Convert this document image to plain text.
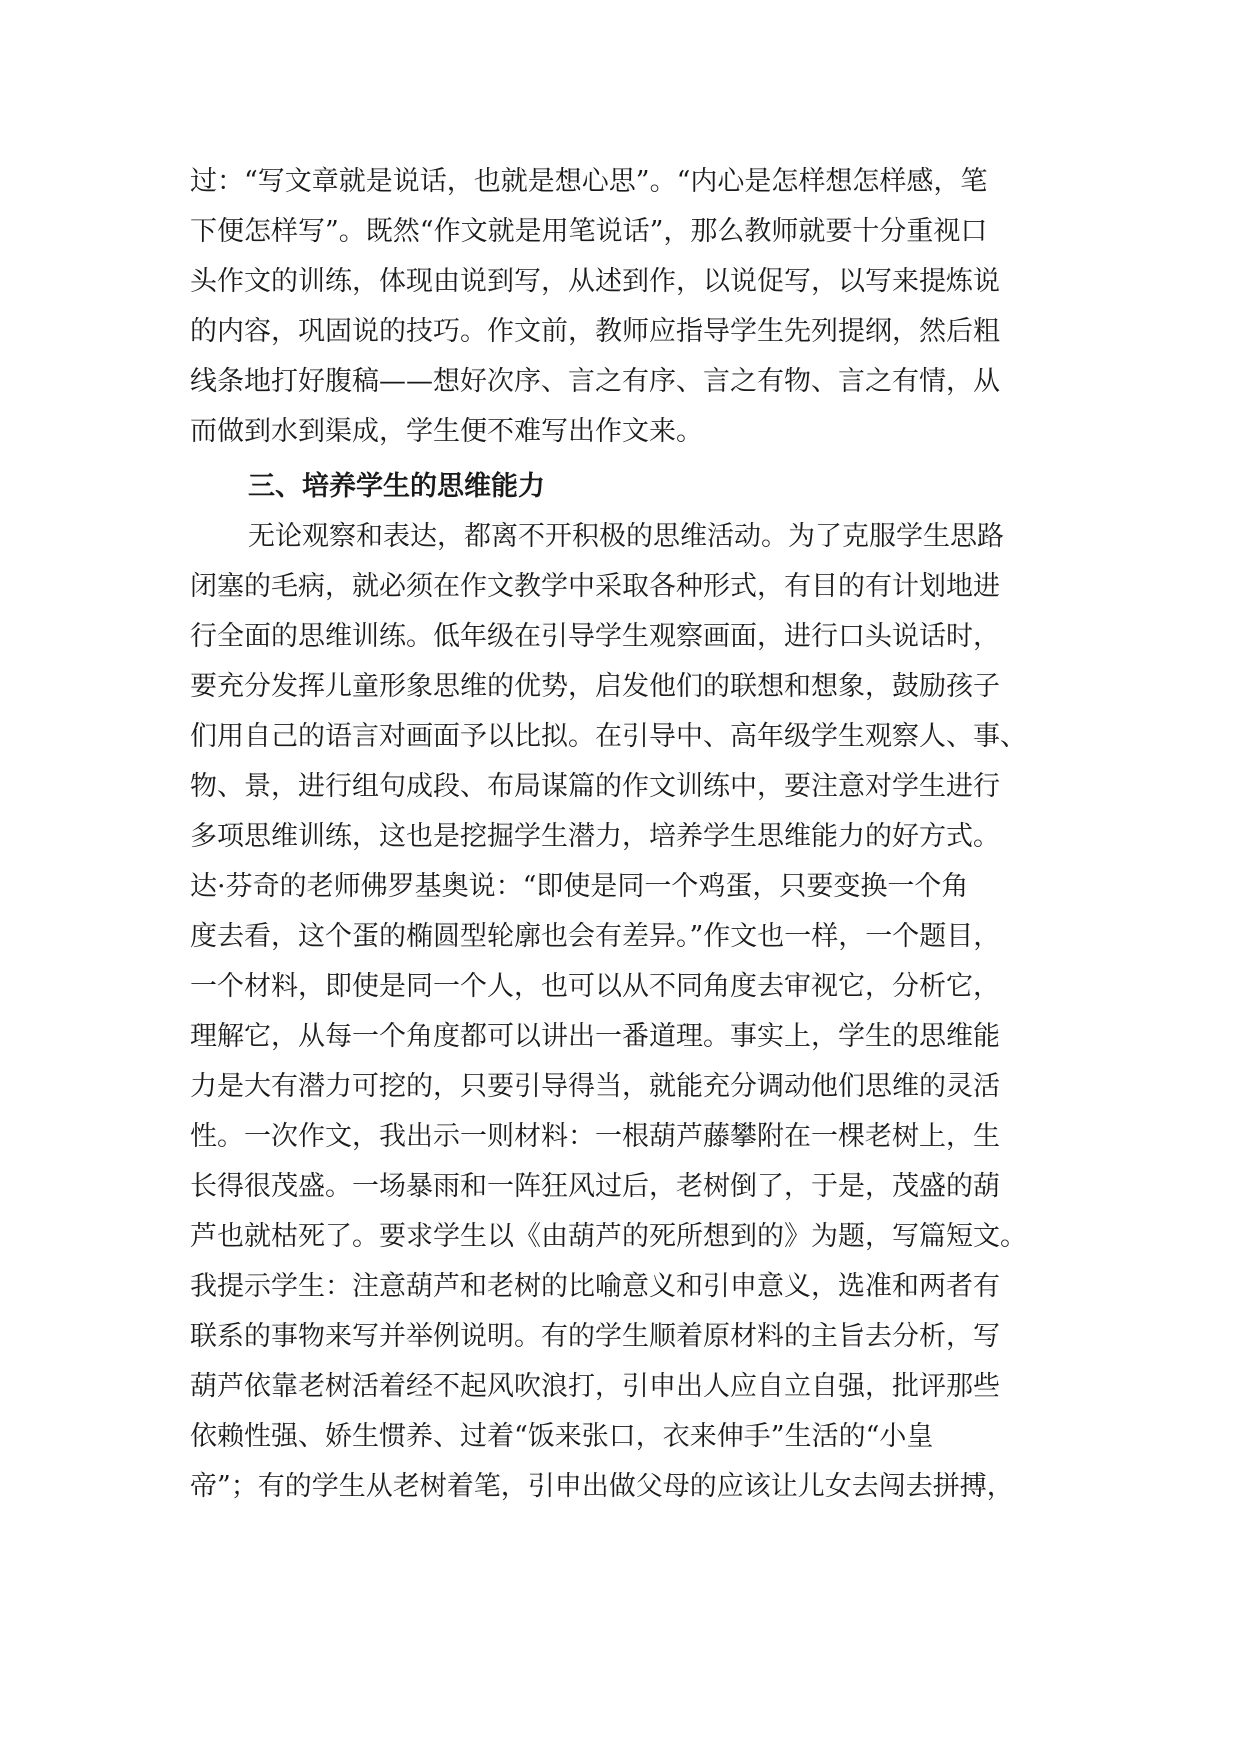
过：“写文章就是说话，也就是想心思”。“内心是怎样想怎样感，笔
下便怎样写”。既然“作文就是用笔说话”，那么教师就要十分重视口
头作文的训练，体现由说到写，从述到作，以说促写，以写来提炼说
的内容，巩固说的技巧。作文前，教师应指导学生先列提纲，然后粗
线条地打好腹稿——想好次序、言之有序、言之有物、言之有情，从
而做到水到渠成，学生便不难写出作文来。
三、培养学生的思维能力
无论观察和表达，都离不开积极的思维活动。为了克服学生思路
闭塞的毛病，就必须在作文教学中采取各种形式，有目的有计划地进
行全面的思维训练。低年级在引导学生观察画面，进行口头说话时，
要充分发挥儿童形象思维的优势，启发他们的联想和想象，鼓励孩子
们用自己的语言对画面予以比拟。在引导中、高年级学生观察人、事、
物、景，进行组句成段、布局谋篇的作文训练中，要注意对学生进行
多项思维训练，这也是挖掘学生潜力，培养学生思维能力的好方式。
达·芬奇的老师佛罗基奥说：“即使是同一个鸡蛋，只要变换一个角
度去看，这个蛋的椭圆型轮廓也会有差异。”作文也一样，一个题目，
一个材料，即使是同一个人，也可以从不同角度去审视它，分析它，
理解它，从每一个角度都可以讲出一番道理。事实上，学生的思维能
力是大有潜力可挖的，只要引导得当，就能充分调动他们思维的灵活
性。一次作文，我出示一则材料：一根葫芦藤攀附在一棵老树上，生
长得很茂盛。一场暴雨和一阵狂风过后，老树倒了，于是，茂盛的葫
芦也就枯死了。要求学生以《由葫芦的死所想到的》为题，写篇短文。
我提示学生：注意葫芦和老树的比喻意义和引申意义，选准和两者有
联系的事物来写并举例说明。有的学生顺着原材料的主旨去分析，写
葫芦依靠老树活着经不起风吹浪打，引申出人应自立自强，批评那些
依赖性强、娇生惯养、过着“饭来张口，衣来伸手”生活的“小皇
帝”；有的学生从老树着笔，引申出做父母的应该让儿女去闯去拼搏，
